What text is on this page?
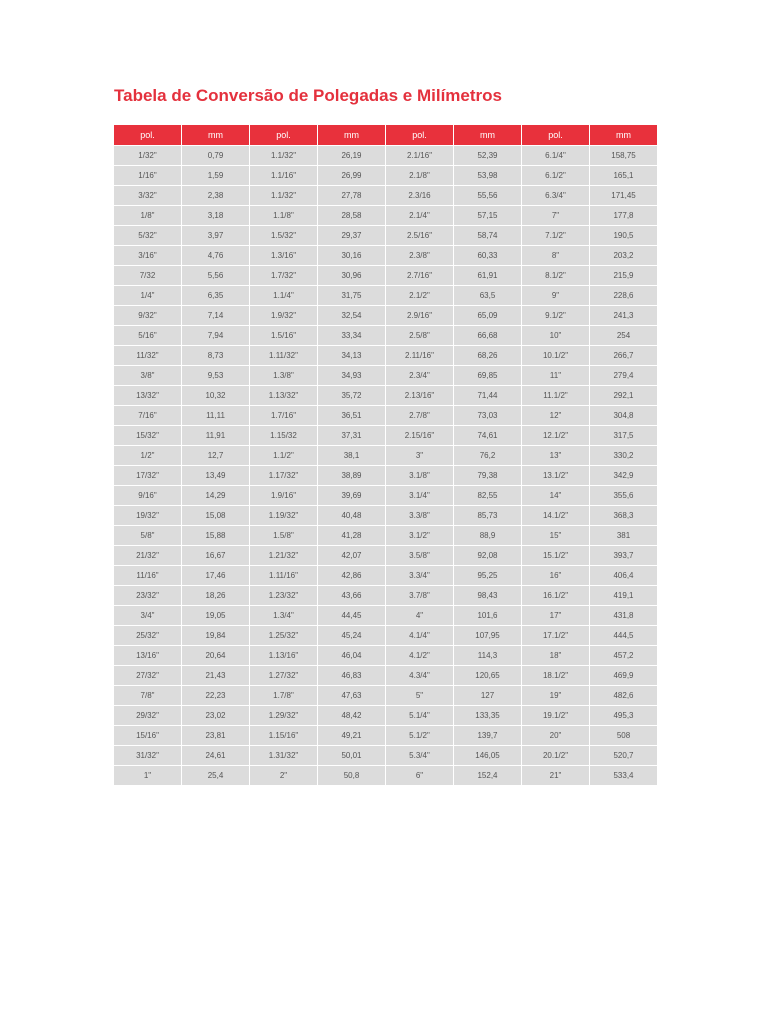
Tabela de Conversão de Polegadas e Milímetros
pol.	mm	pol.	mm	pol.	mm	pol.	mm
1/32"	0,79	1.1/32"	26,19	2.1/16"	52,39	6.1/4"	158,75
1/16"	1,59	1.1/16"	26,99	2.1/8"	53,98	6.1/2"	165,1
3/32"	2,38	1.1/32"	27,78	2.3/16	55,56	6.3/4"	171,45
1/8"	3,18	1.1/8"	28,58	2.1/4"	57,15	7"	177,8
5/32"	3,97	1.5/32"	29,37	2.5/16"	58,74	7.1/2"	190,5
3/16"	4,76	1.3/16"	30,16	2.3/8"	60,33	8"	203,2
7/32	5,56	1.7/32"	30,96	2.7/16"	61,91	8.1/2"	215,9
1/4"	6,35	1.1/4"	31,75	2.1/2"	63,5	9"	228,6
9/32"	7,14	1.9/32"	32,54	2.9/16"	65,09	9.1/2"	241,3
5/16"	7,94	1.5/16"	33,34	2.5/8"	66,68	10"	254
11/32"	8,73	1.11/32"	34,13	2.11/16"	68,26	10.1/2"	266,7
3/8"	9,53	1.3/8"	34,93	2.3/4"	69,85	11"	279,4
13/32"	10,32	1.13/32"	35,72	2.13/16"	71,44	11.1/2"	292,1
7/16"	11,11	1.7/16"	36,51	2.7/8"	73,03	12"	304,8
15/32"	11,91	1.15/32	37,31	2.15/16"	74,61	12.1/2"	317,5
1/2"	12,7	1.1/2"	38,1	3"	76,2	13"	330,2
17/32"	13,49	1.17/32"	38,89	3.1/8"	79,38	13.1/2"	342,9
9/16"	14,29	1.9/16"	39,69	3.1/4"	82,55	14"	355,6
19/32"	15,08	1.19/32"	40,48	3.3/8"	85,73	14.1/2"	368,3
5/8"	15,88	1.5/8"	41,28	3.1/2"	88,9	15"	381
21/32"	16,67	1.21/32"	42,07	3.5/8"	92,08	15.1/2"	393,7
11/16"	17,46	1.11/16"	42,86	3.3/4"	95,25	16"	406,4
23/32"	18,26	1.23/32"	43,66	3.7/8"	98,43	16.1/2"	419,1
3/4"	19,05	1.3/4"	44,45	4"	101,6	17"	431,8
25/32"	19,84	1.25/32"	45,24	4.1/4"	107,95	17.1/2"	444,5
13/16"	20,64	1.13/16"	46,04	4.1/2"	114,3	18"	457,2
27/32"	21,43	1.27/32"	46,83	4.3/4"	120,65	18.1/2"	469,9
7/8"	22,23	1.7/8"	47,63	5"	127	19"	482,6
29/32"	23,02	1.29/32"	48,42	5.1/4"	133,35	19.1/2"	495,3
15/16"	23,81	1.15/16"	49,21	5.1/2"	139,7	20"	508
31/32"	24,61	1.31/32"	50,01	5.3/4"	146,05	20.1/2"	520,7
1"	25,4	2"	50,8	6"	152,4	21"	533,4
